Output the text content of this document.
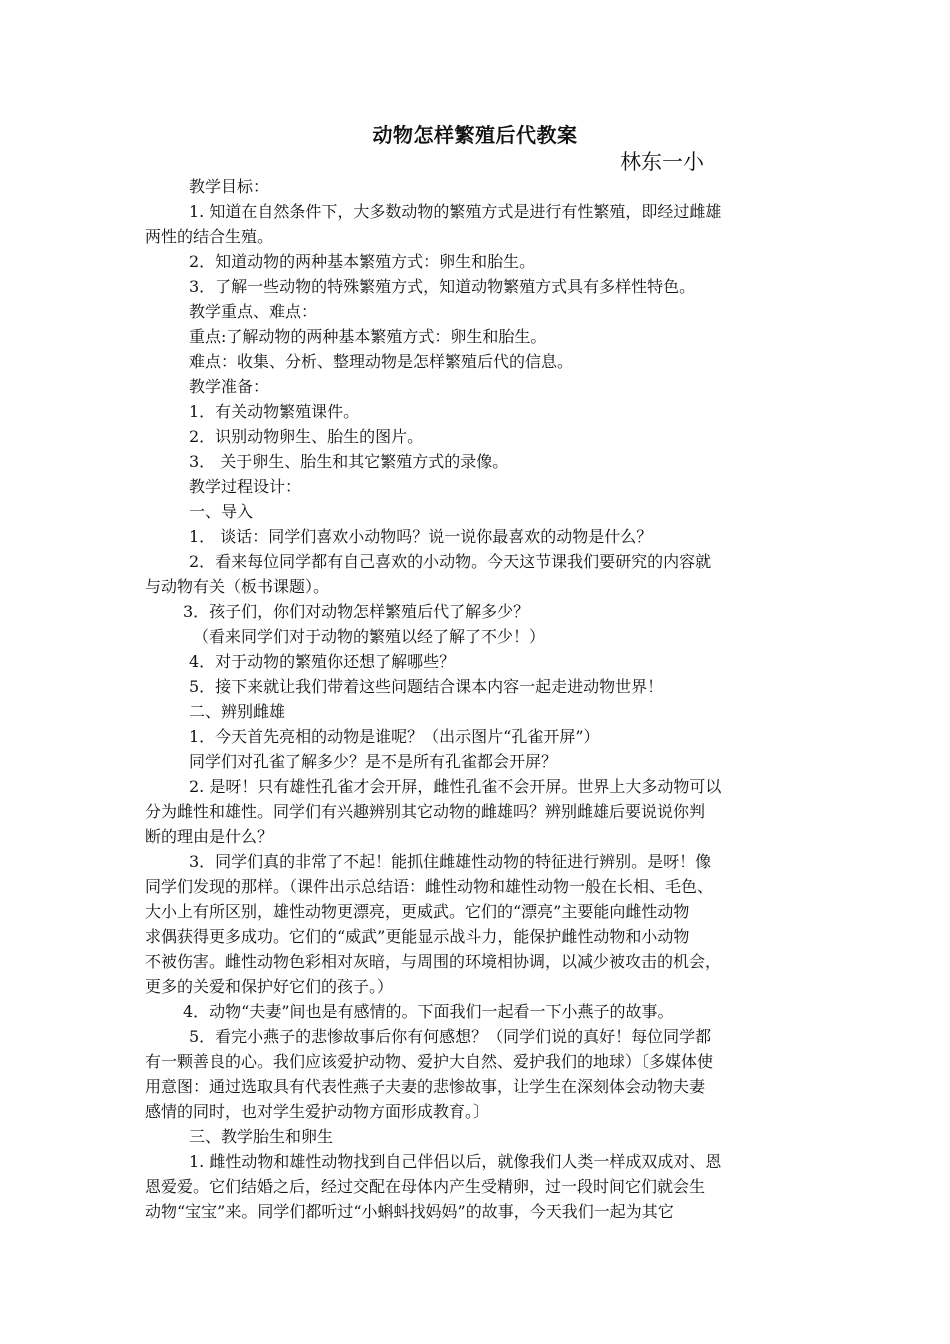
动物怎样繁殖后代教案
林东一小

教学目标：

1. 知道在自然条件下，大多数动物的繁殖方式是进行有性繁殖，即经过雌雄

两性的结合生殖。

2．知道动物的两种基本繁殖方式：卵生和胎生。

3．了解一些动物的特殊繁殖方式，知道动物繁殖方式具有多样性特色。

教学重点、难点：

重点:了解动物的两种基本繁殖方式：卵生和胎生。

难点：收集、分析、整理动物是怎样繁殖后代的信息。

教学准备：

1．有关动物繁殖课件。

2．识别动物卵生、胎生的图片。

3． 关于卵生、胎生和其它繁殖方式的录像。

教学过程设计：

一、导入

1． 谈话：同学们喜欢小动物吗？说一说你最喜欢的动物是什么？

2．看来每位同学都有自己喜欢的小动物。今天这节课我们要研究的内容就

与动物有关（板书课题）。

3．孩子们，你们对动物怎样繁殖后代了解多少？

（看来同学们对于动物的繁殖以经了解了不少！）

4．对于动物的繁殖你还想了解哪些？

5．接下来就让我们带着这些问题结合课本内容一起走进动物世界！

二、辨别雌雄

1．今天首先亮相的动物是谁呢？（出示图片“孔雀开屏”）

同学们对孔雀了解多少？是不是所有孔雀都会开屏？

2. 是呀！只有雄性孔雀才会开屏，雌性孔雀不会开屏。世界上大多动物可以

分为雌性和雄性。同学们有兴趣辨别其它动物的雌雄吗？辨别雌雄后要说说你判

断的理由是什么？

3．同学们真的非常了不起！能抓住雌雄性动物的特征进行辨别。是呀！像

同学们发现的那样。（课件出示总结语：雌性动物和雄性动物一般在长相、毛色、

大小上有所区别，雄性动物更漂亮，更威武。它们的“漂亮”主要能向雌性动物

求偶获得更多成功。它们的“威武”更能显示战斗力，能保护雌性动物和小动物

不被伤害。雌性动物色彩相对灰暗，与周围的环境相协调，以减少被攻击的机会，

更多的关爱和保护好它们的孩子。）

4．动物“夫妻”间也是有感情的。下面我们一起看一下小燕子的故事。

5．看完小燕子的悲惨故事后你有何感想？（同学们说的真好！每位同学都

有一颗善良的心。我们应该爱护动物、爱护大自然、爱护我们的地球）〔多媒体使

用意图：通过选取具有代表性燕子夫妻的悲惨故事，让学生在深刻体会动物夫妻

感情的同时，也对学生爱护动物方面形成教育。〕

三、教学胎生和卵生

1. 雌性动物和雄性动物找到自己伴侣以后，就像我们人类一样成双成对、恩

恩爱爱。它们结婚之后，经过交配在母体内产生受精卵，过一段时间它们就会生

动物“宝宝”来。同学们都听过“小蝌蚪找妈妈”的故事，今天我们一起为其它
